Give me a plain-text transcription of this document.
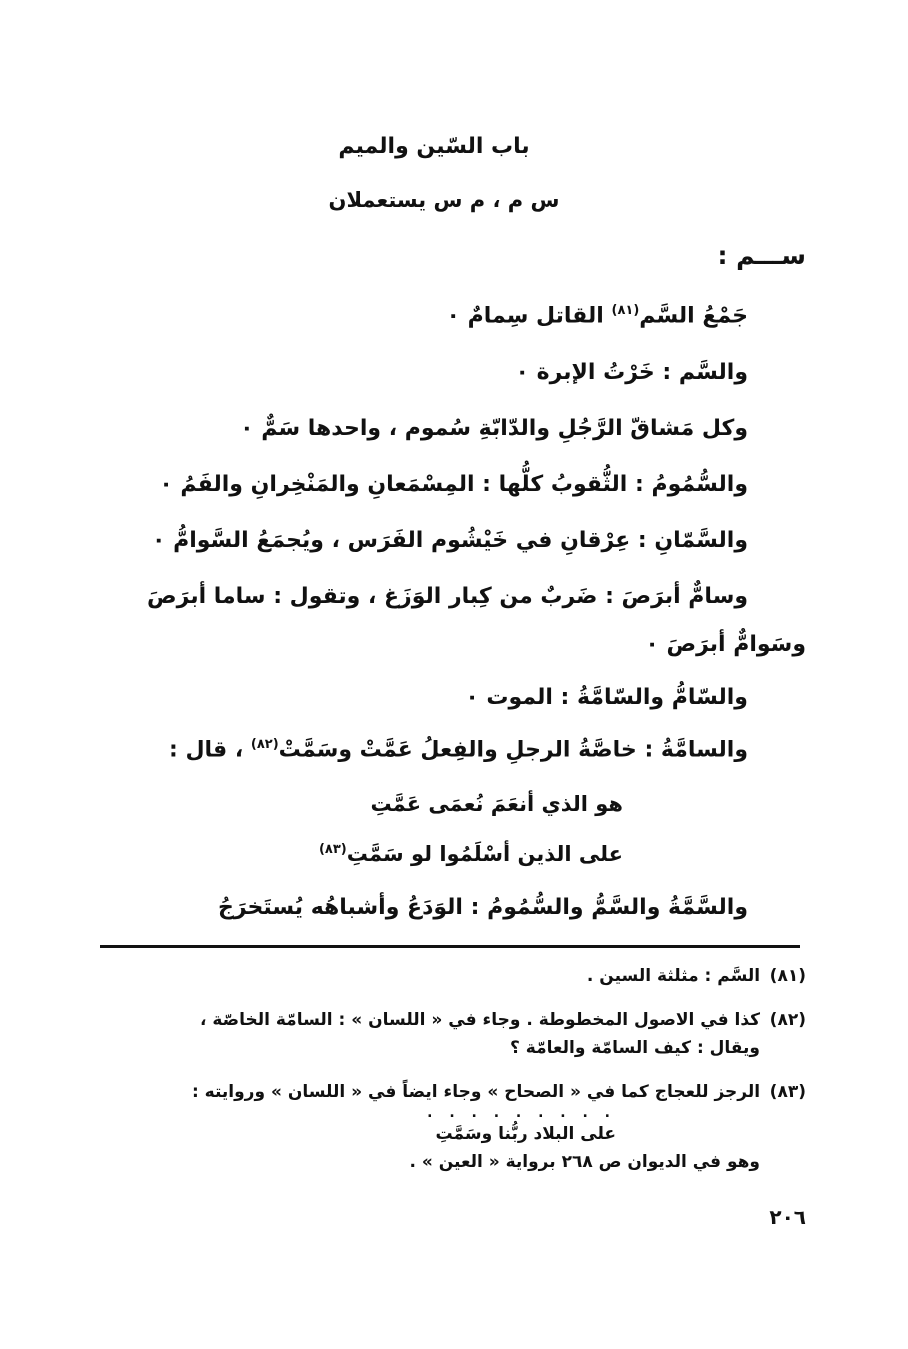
باب السّين والميم
س م ، م س يستعملان
ســـم :
جَمْعُ السَّم$^{(٨١)}$ القاتل سِمامٌ ٠
والسَّم : خَرْتُ الإبرة ٠
وكل مَشاقّ الرَّجُلِ والدّابّةِ سُموم ، واحدها سَمٌّ ٠
والسُّمُومُ : الثُّقوبُ كلُّها : المِسْمَعانِ والمَنْخِرانِ والفَمُ ٠
والسَّمّانِ : عِرْقانِ في خَيْشُوم الفَرَس ، ويُجمَعُ السَّوامُّ ٠
وسامٌّ أبرَصَ : ضَربٌ من كِبار الوَزَغ ، وتقول : ساما أبرَصَ
وسَوامٌّ أبرَصَ ٠
والسّامُّ والسّامَّةُ : الموت ٠
والسامَّةُ : خاصَّةُ الرجلِ والفِعلُ عَمَّتْ وسَمَّتْ$^{(٨٢)}$ ، قال :
هو الذي أنعَمَ نُعمَى عَمَّتِ
على الذين أسْلَمُوا لو سَمَّتِ$^{(٨٣)}$
والسَّمَّةُ والسَّمُّ والسُّمُومُ : الوَدَعُ وأشباهُه يُستَخرَجُ
(٨١) السَّم : مثلثة السين .
(٨٢) كذا في الاصول المخطوطة . وجاء في « اللسان » : السامّة الخاصّة ،
ويقال : كيف السامّة والعامّة ؟
(٨٣) الرجز للعجاج كما في « الصحاح » وجاء ايضاً في « اللسان » وروايته :
. . . . . . . . .
على البلاد ربُّنا وسَمَّتِ
وهو في الديوان ص ٢٦٨ برواية « العين » .
٢٠٦
